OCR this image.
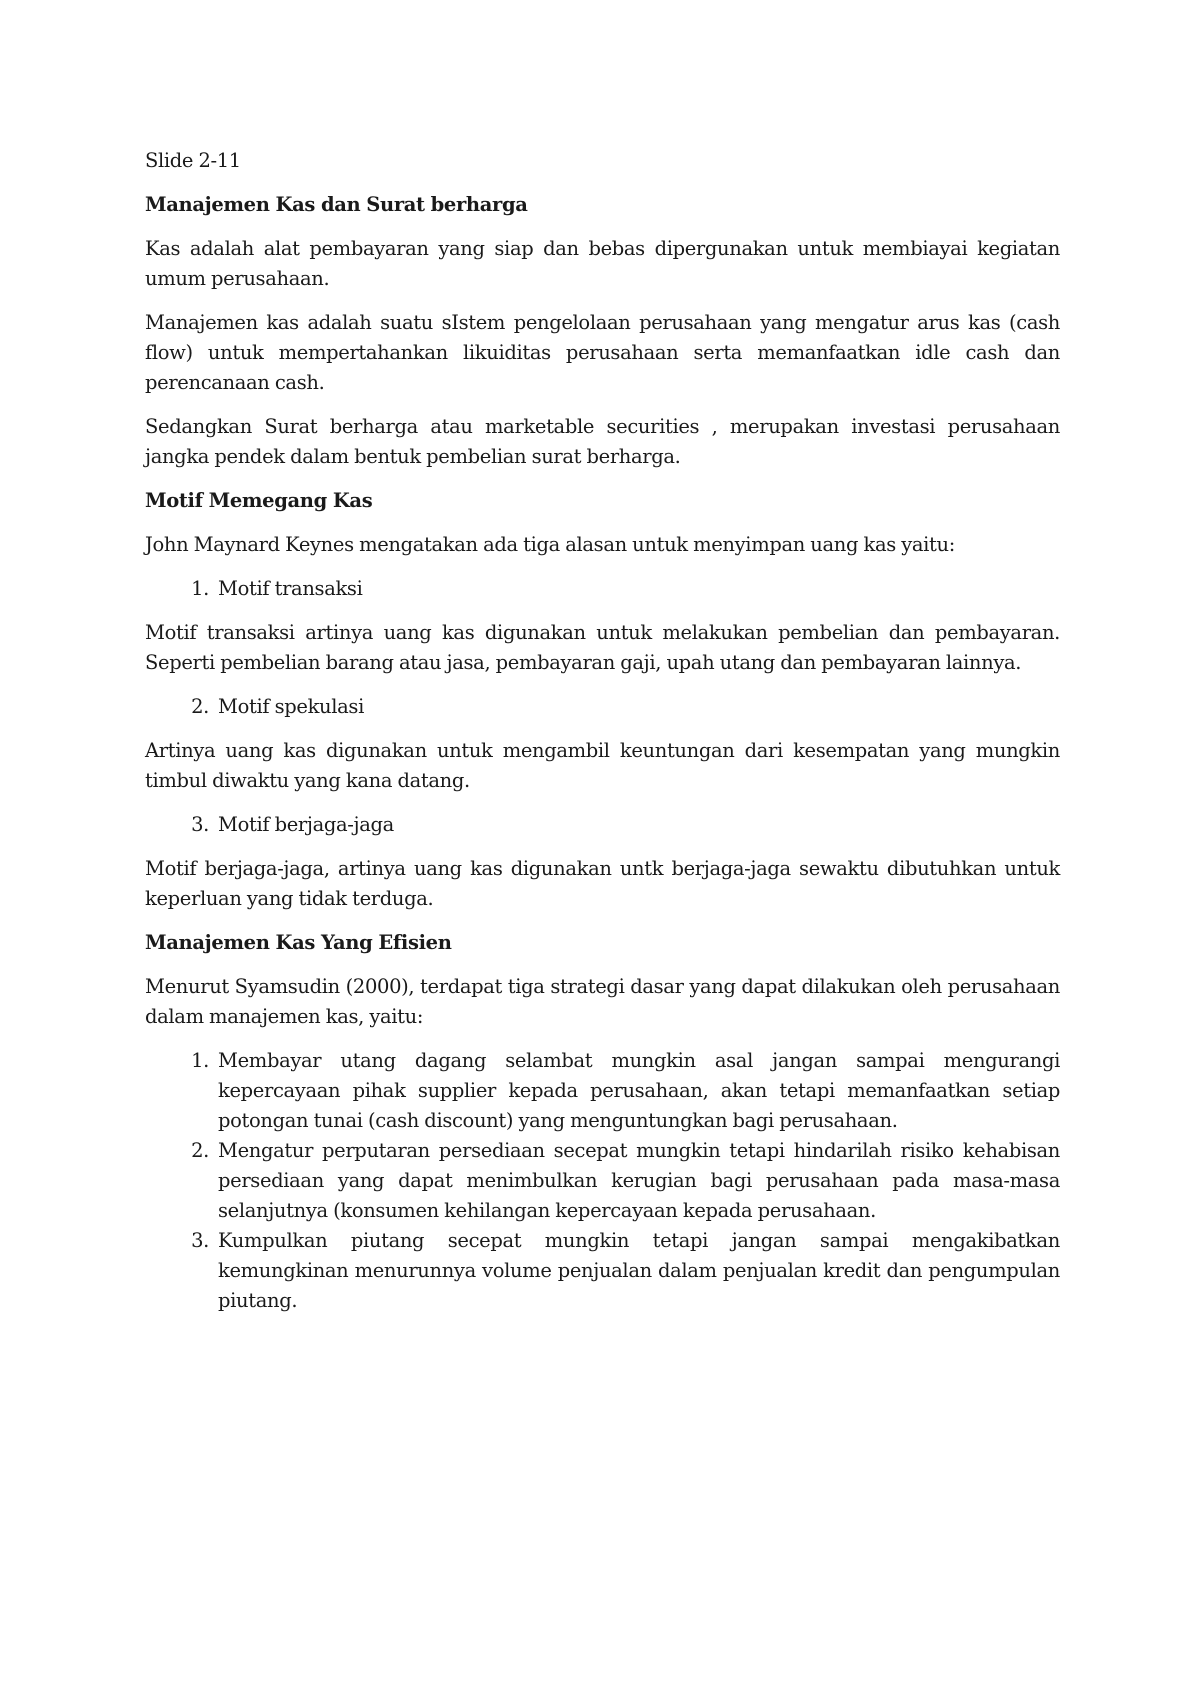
Slide 2-11

Manajemen Kas dan Surat berharga

Kas adalah alat pembayaran yang siap dan bebas dipergunakan untuk membiayai kegiatan umum perusahaan.

Manajemen kas adalah suatu sIstem pengelolaan perusahaan yang mengatur arus kas (cash flow) untuk mempertahankan likuiditas perusahaan serta memanfaatkan idle cash dan perencanaan cash.

Sedangkan Surat berharga atau marketable securities , merupakan investasi perusahaan jangka pendek dalam bentuk pembelian surat berharga.

Motif Memegang Kas

John Maynard Keynes mengatakan ada tiga alasan untuk menyimpan uang kas yaitu:

1. Motif transaksi

Motif transaksi artinya uang kas digunakan untuk melakukan pembelian dan pembayaran. Seperti pembelian barang atau jasa, pembayaran gaji, upah utang dan pembayaran lainnya.

2. Motif spekulasi

Artinya uang kas digunakan untuk mengambil keuntungan dari kesempatan yang mungkin timbul diwaktu yang kana datang.

3. Motif berjaga-jaga

Motif berjaga-jaga, artinya uang kas digunakan untk berjaga-jaga sewaktu dibutuhkan untuk keperluan yang tidak terduga.

Manajemen Kas Yang Efisien

Menurut Syamsudin (2000), terdapat tiga strategi dasar yang dapat dilakukan oleh perusahaan dalam manajemen kas, yaitu:

1. Membayar utang dagang selambat mungkin asal jangan sampai mengurangi kepercayaan pihak supplier kepada perusahaan, akan tetapi memanfaatkan setiap potongan tunai (cash discount) yang menguntungkan bagi perusahaan.
2. Mengatur perputaran persediaan secepat mungkin tetapi hindarilah risiko kehabisan persediaan yang dapat menimbulkan kerugian bagi perusahaan pada masa-masa selanjutnya (konsumen kehilangan kepercayaan kepada perusahaan.
3. Kumpulkan piutang secepat mungkin tetapi jangan sampai mengakibatkan kemungkinan menurunnya volume penjualan dalam penjualan kredit dan pengumpulan piutang.
